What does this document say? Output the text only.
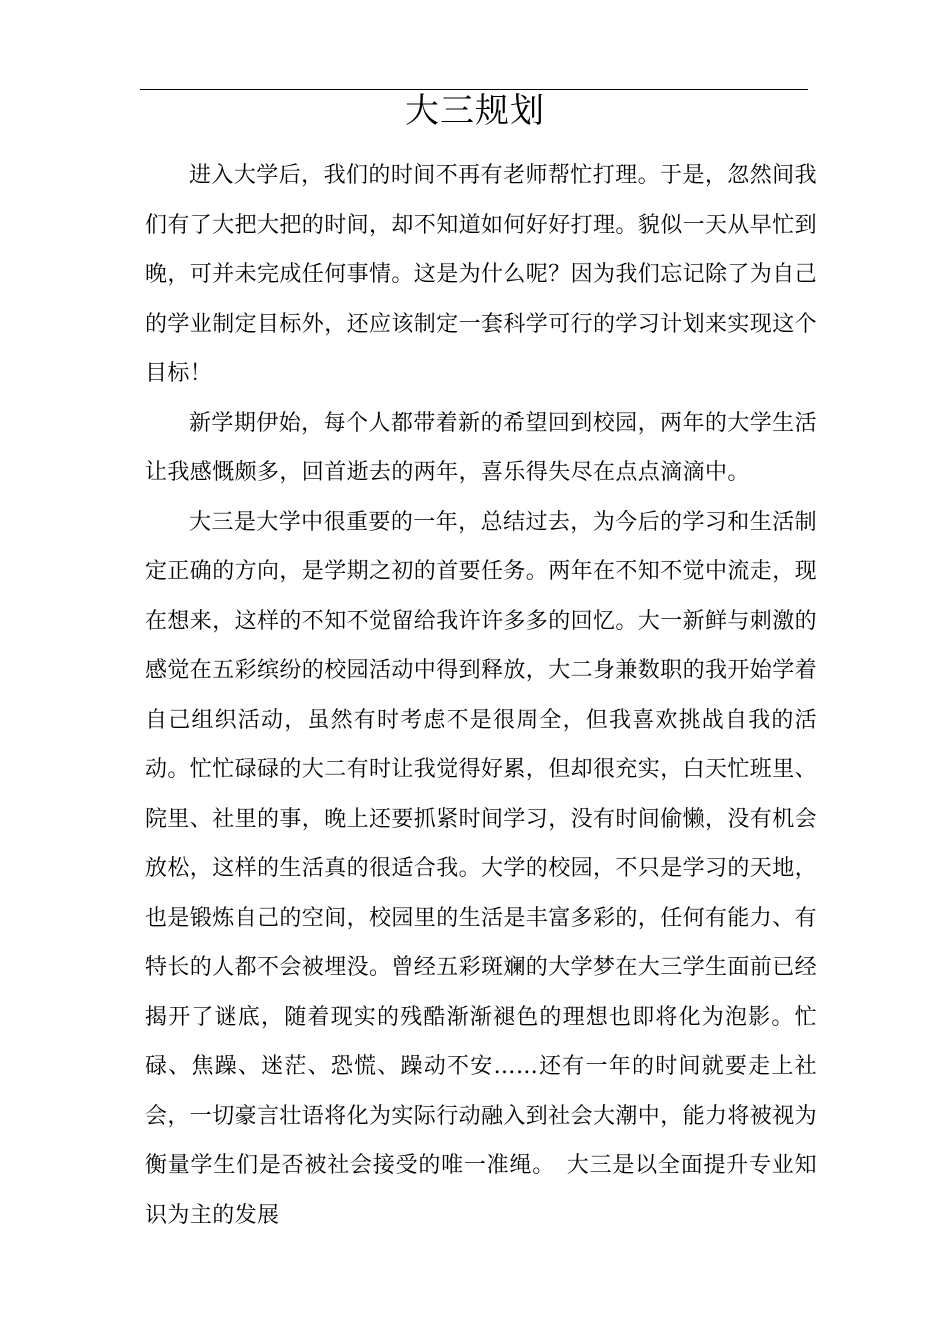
大三规划

进入大学后，我们的时间不再有老师帮忙打理。于是，忽然间我们有了大把大把的时间，却不知道如何好好打理。貌似一天从早忙到晚，可并未完成任何事情。这是为什么呢？因为我们忘记除了为自己的学业制定目标外，还应该制定一套科学可行的学习计划来实现这个目标！

新学期伊始，每个人都带着新的希望回到校园，两年的大学生活让我感慨颇多，回首逝去的两年，喜乐得失尽在点点滴滴中。

大三是大学中很重要的一年，总结过去，为今后的学习和生活制定正确的方向，是学期之初的首要任务。两年在不知不觉中流走，现在想来，这样的不知不觉留给我许许多多的回忆。大一新鲜与刺激的感觉在五彩缤纷的校园活动中得到释放，大二身兼数职的我开始学着自己组织活动，虽然有时考虑不是很周全，但我喜欢挑战自我的活动。忙忙碌碌的大二有时让我觉得好累，但却很充实，白天忙班里、院里、社里的事，晚上还要抓紧时间学习，没有时间偷懒，没有机会放松，这样的生活真的很适合我。大学的校园，不只是学习的天地，也是锻炼自己的空间，校园里的生活是丰富多彩的，任何有能力、有特长的人都不会被埋没。曾经五彩斑斓的大学梦在大三学生面前已经揭开了谜底，随着现实的残酷渐渐褪色的理想也即将化为泡影。忙碌、焦躁、迷茫、恐慌、躁动不安……还有一年的时间就要走上社会，一切豪言壮语将化为实际行动融入到社会大潮中，能力将被视为衡量学生们是否被社会接受的唯一准绳。　大三是以全面提升专业知识为主的发展
